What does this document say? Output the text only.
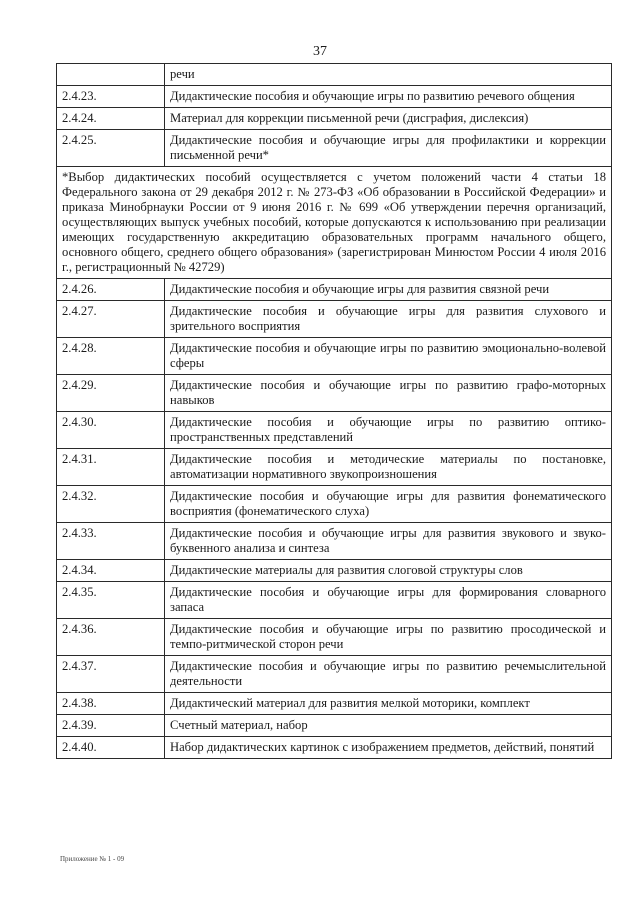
37
	речи
2.4.23.	Дидактические пособия и обучающие игры по развитию речевого общения
2.4.24.	Материал для коррекции письменной речи (дисграфия, дислексия)
2.4.25.	Дидактические пособия и обучающие игры для профилактики и коррекции письменной речи*
*Выбор дидактических пособий осуществляется с учетом положений части 4 статьи 18 Федерального закона от 29 декабря 2012 г. № 273-ФЗ «Об образовании в Российской Федерации» и приказа Минобрнауки России от 9 июня 2016 г. № 699 «Об утверждении перечня организаций, осуществляющих выпуск учебных пособий, которые допускаются к использованию при реализации имеющих государственную аккредитацию образовательных программ начального общего, основного общего, среднего общего образования» (зарегистрирован Минюстом России 4 июля 2016 г., регистрационный № 42729)	
2.4.26.	Дидактические пособия и обучающие игры для развития связной речи
2.4.27.	Дидактические пособия и обучающие игры для развития слухового и зрительного восприятия
2.4.28.	Дидактические пособия и обучающие игры по развитию эмоционально-волевой сферы
2.4.29.	Дидактические пособия и обучающие игры по развитию графо-моторных навыков
2.4.30.	Дидактические пособия и обучающие игры по развитию оптико-пространственных представлений
2.4.31.	Дидактические пособия и методические материалы по постановке, автоматизации нормативного звукопроизношения
2.4.32.	Дидактические пособия и обучающие игры для развития фонематического восприятия (фонематического слуха)
2.4.33.	Дидактические пособия и обучающие игры для развития звукового и звуко-буквенного анализа и синтеза
2.4.34.	Дидактические материалы для развития слоговой структуры слов
2.4.35.	Дидактические пособия и обучающие игры для формирования словарного запаса
2.4.36.	Дидактические пособия и обучающие игры по развитию просодической и темпо-ритмической сторон речи
2.4.37.	Дидактические пособия и обучающие игры по развитию речемыслительной деятельности
2.4.38.	Дидактический материал для развития мелкой моторики, комплект
2.4.39.	Счетный материал, набор
2.4.40.	Набор дидактических картинок с изображением предметов, действий, понятий
Приложение № 1 - 09
